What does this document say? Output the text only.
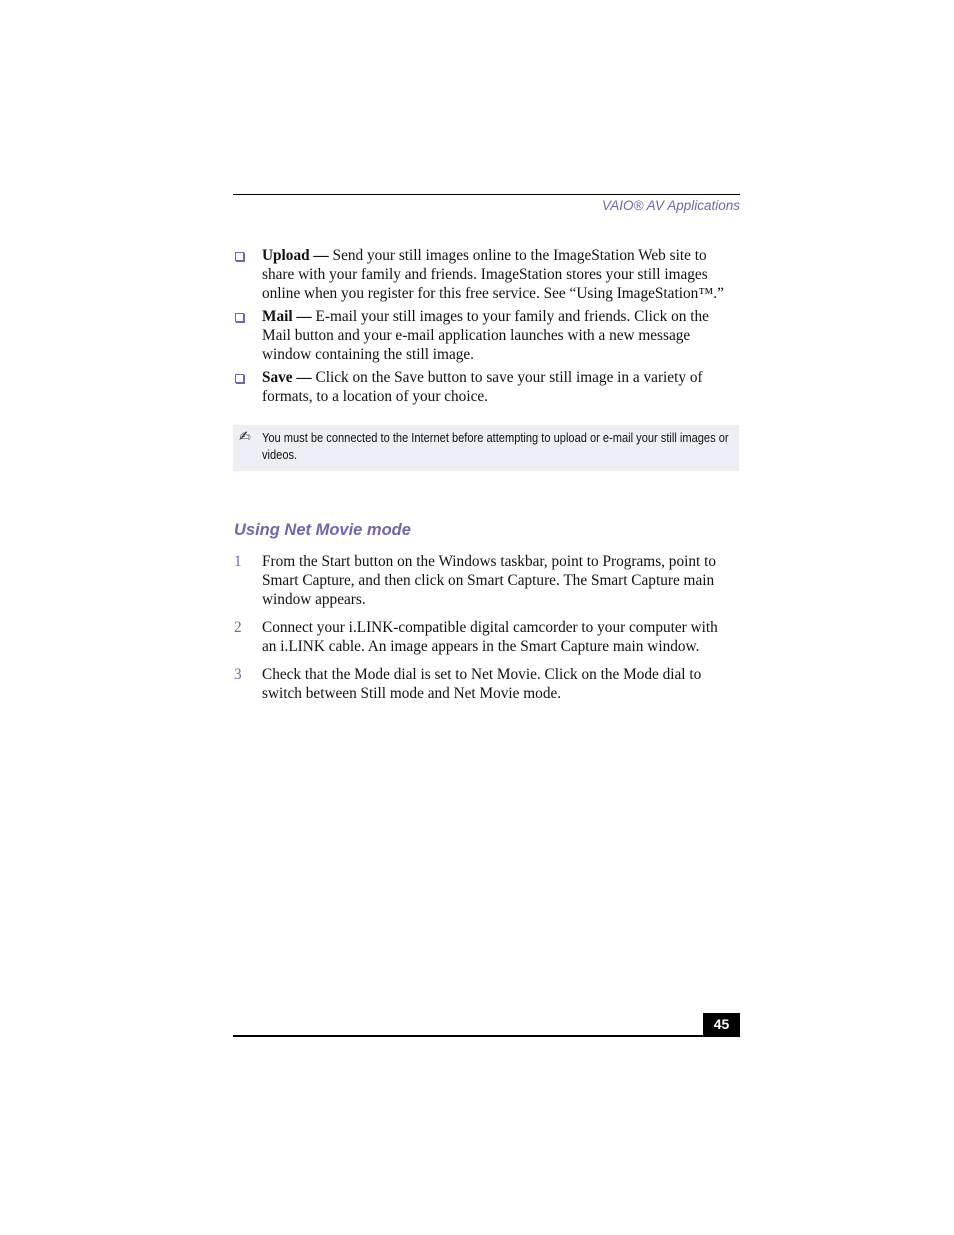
VAIO® AV Applications
Upload — Send your still images online to the ImageStation Web site to share with your family and friends. ImageStation stores your still images online when you register for this free service. See “Using ImageStation™.”
Mail — E-mail your still images to your family and friends. Click on the Mail button and your e-mail application launches with a new message window containing the still image.
Save — Click on the Save button to save your still image in a variety of formats, to a location of your choice.
✍ You must be connected to the Internet before attempting to upload or e-mail your still images or videos.
Using Net Movie mode
1 From the Start button on the Windows taskbar, point to Programs, point to Smart Capture, and then click on Smart Capture. The Smart Capture main window appears.
2 Connect your i.LINK-compatible digital camcorder to your computer with an i.LINK cable. An image appears in the Smart Capture main window.
3 Check that the Mode dial is set to Net Movie. Click on the Mode dial to switch between Still mode and Net Movie mode.
45
